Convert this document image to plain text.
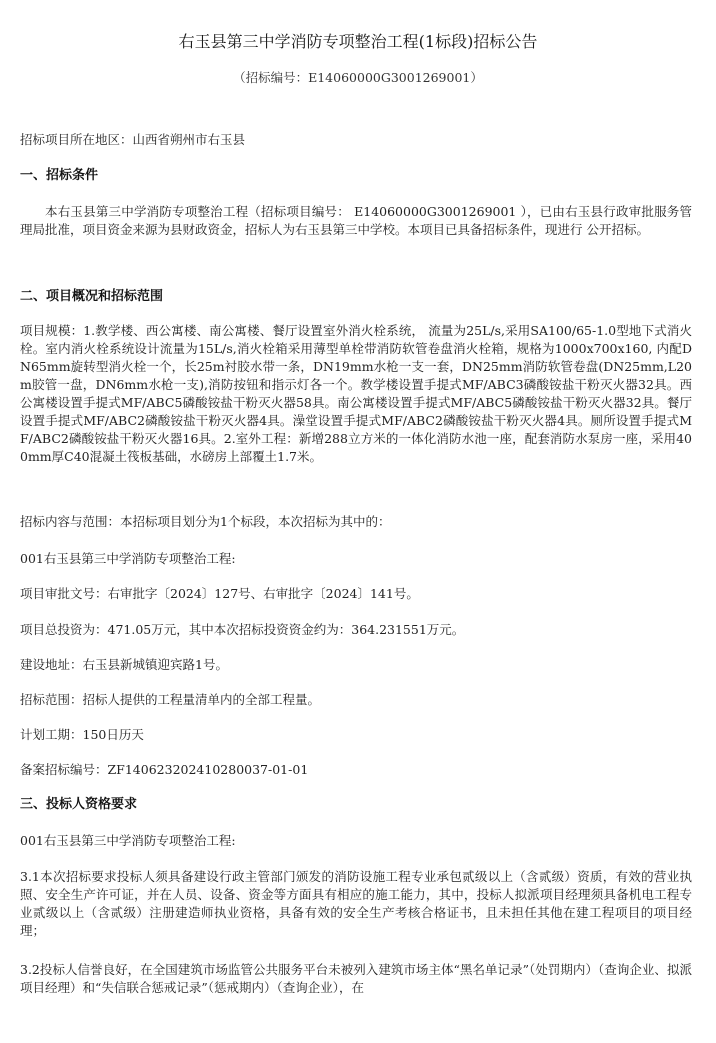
右玉县第三中学消防专项整治工程(1标段)招标公告
（招标编号：E14060000G3001269001）
招标项目所在地区：山西省朔州市右玉县
一、招标条件
本右玉县第三中学消防专项整治工程（招标项目编号： E14060000G3001269001 ），已由右玉县行政审批服务管理局批准，项目资金来源为县财政资金，招标人为右玉县第三中学校。本项目已具备招标条件，现进行 公开招标。
二、项目概况和招标范围
项目规模：1.教学楼、西公寓楼、南公寓楼、餐厅设置室外消火栓系统， 流量为25L/s,采用SA100/65-1.0型地下式消火栓。室内消火栓系统设计流量为15L/s,消火栓箱采用薄型单栓带消防软管卷盘消火栓箱，规格为1000x700x160, 内配DN65mm旋转型消火栓一个，长25m衬胶水带一条，DN19mm水枪一支一套，DN25mm消防软管卷盘(DN25mm,L20m胶管一盘，DN6mm水枪一支),消防按钮和指示灯各一个。教学楼设置手提式MF/ABC3磷酸铵盐干粉灭火器32具。西公寓楼设置手提式MF/ABC5磷酸铵盐干粉灭火器58具。南公寓楼设置手提式MF/ABC5磷酸铵盐干粉灭火器32具。餐厅设置手提式MF/ABC2磷酸铵盐干粉灭火器4具。澡堂设置手提式MF/ABC2磷酸铵盐干粉灭火器4具。厕所设置手提式MF/ABC2磷酸铵盐干粉灭火器16具。2.室外工程：新增288立方米的一体化消防水池一座，配套消防水泵房一座，采用400mm厚C40混凝土筏板基础，水磅房上部覆土1.7米。
招标内容与范围：本招标项目划分为1个标段，本次招标为其中的：
001右玉县第三中学消防专项整治工程:
项目审批文号：右审批字〔2024〕127号、右审批字〔2024〕141号。
项目总投资为：471.05万元，其中本次招标投资资金约为：364.231551万元。
建设地址：右玉县新城镇迎宾路1号。
招标范围：招标人提供的工程量清单内的全部工程量。
计划工期：150日历天
备案招标编号：ZF140623202410280037-01-01
三、投标人资格要求
001右玉县第三中学消防专项整治工程:
3.1本次招标要求投标人须具备建设行政主管部门颁发的消防设施工程专业承包贰级以上（含贰级）资质，有效的营业执照、安全生产许可证，并在人员、设备、资金等方面具有相应的施工能力，其中，投标人拟派项目经理须具备机电工程专业贰级以上（含贰级）注册建造师执业资格，具备有效的安全生产考核合格证书，且未担任其他在建工程项目的项目经理；
3.2投标人信誉良好，在全国建筑市场监管公共服务平台未被列入建筑市场主体“黑名单记录”（处罚期内）（查询企业、拟派项目经理）和“失信联合惩戒记录”（惩戒期内）（查询企业），在
